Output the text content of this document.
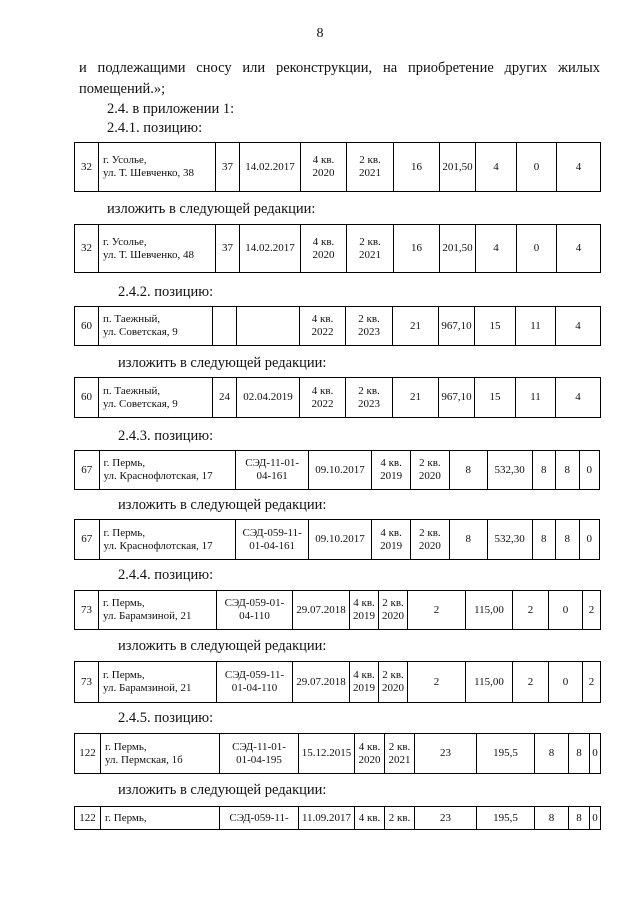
8
и подлежащими сносу или реконструкции, на приобретение других жилых
помещений.»;
2.4. в приложении 1:
2.4.1. позицию:
32	г. Усолье,
ул. Т. Шевченко, 38	37	14.02.2017	4 кв.
2020	2 кв.
2021	16	201,50	4	0	4
изложить в следующей редакции:
32	г. Усолье,
ул. Т. Шевченко, 48	37	14.02.2017	4 кв.
2020	2 кв.
2021	16	201,50	4	0	4
2.4.2. позицию:
60	п. Таежный,
ул. Советская, 9			4 кв.
2022	2 кв.
2023	21	967,10	15	11	4
изложить в следующей редакции:
60	п. Таежный,
ул. Советская, 9	24	02.04.2019	4 кв.
2022	2 кв.
2023	21	967,10	15	11	4
2.4.3. позицию:
67	г. Пермь,
ул. Краснофлотская, 17	СЭД-11-01-
04-161	09.10.2017	4 кв.
2019	2 кв.
2020	8	532,30	8	8	0
изложить в следующей редакции:
67	г. Пермь,
ул. Краснофлотская, 17	СЭД-059-11-
01-04-161	09.10.2017	4 кв.
2019	2 кв.
2020	8	532,30	8	8	0
2.4.4. позицию:
73	г. Пермь,
ул. Барамзиной, 21	СЭД-059-01-
04-110	29.07.2018	4 кв.
2019	2 кв.
2020	2	115,00	2	0	2
изложить в следующей редакции:
73	г. Пермь,
ул. Барамзиной, 21	СЭД-059-11-
01-04-110	29.07.2018	4 кв.
2019	2 кв.
2020	2	115,00	2	0	2
2.4.5. позицию:
122	г. Пермь,
ул. Пермская, 1б	СЭД-11-01-
01-04-195	15.12.2015	4 кв.
2020	2 кв.
2021	23	195,5	8	8	0
изложить в следующей редакции:
122	г. Пермь,	СЭД-059-11-	11.09.2017	4 кв.	2 кв.	23	195,5	8	8	0
